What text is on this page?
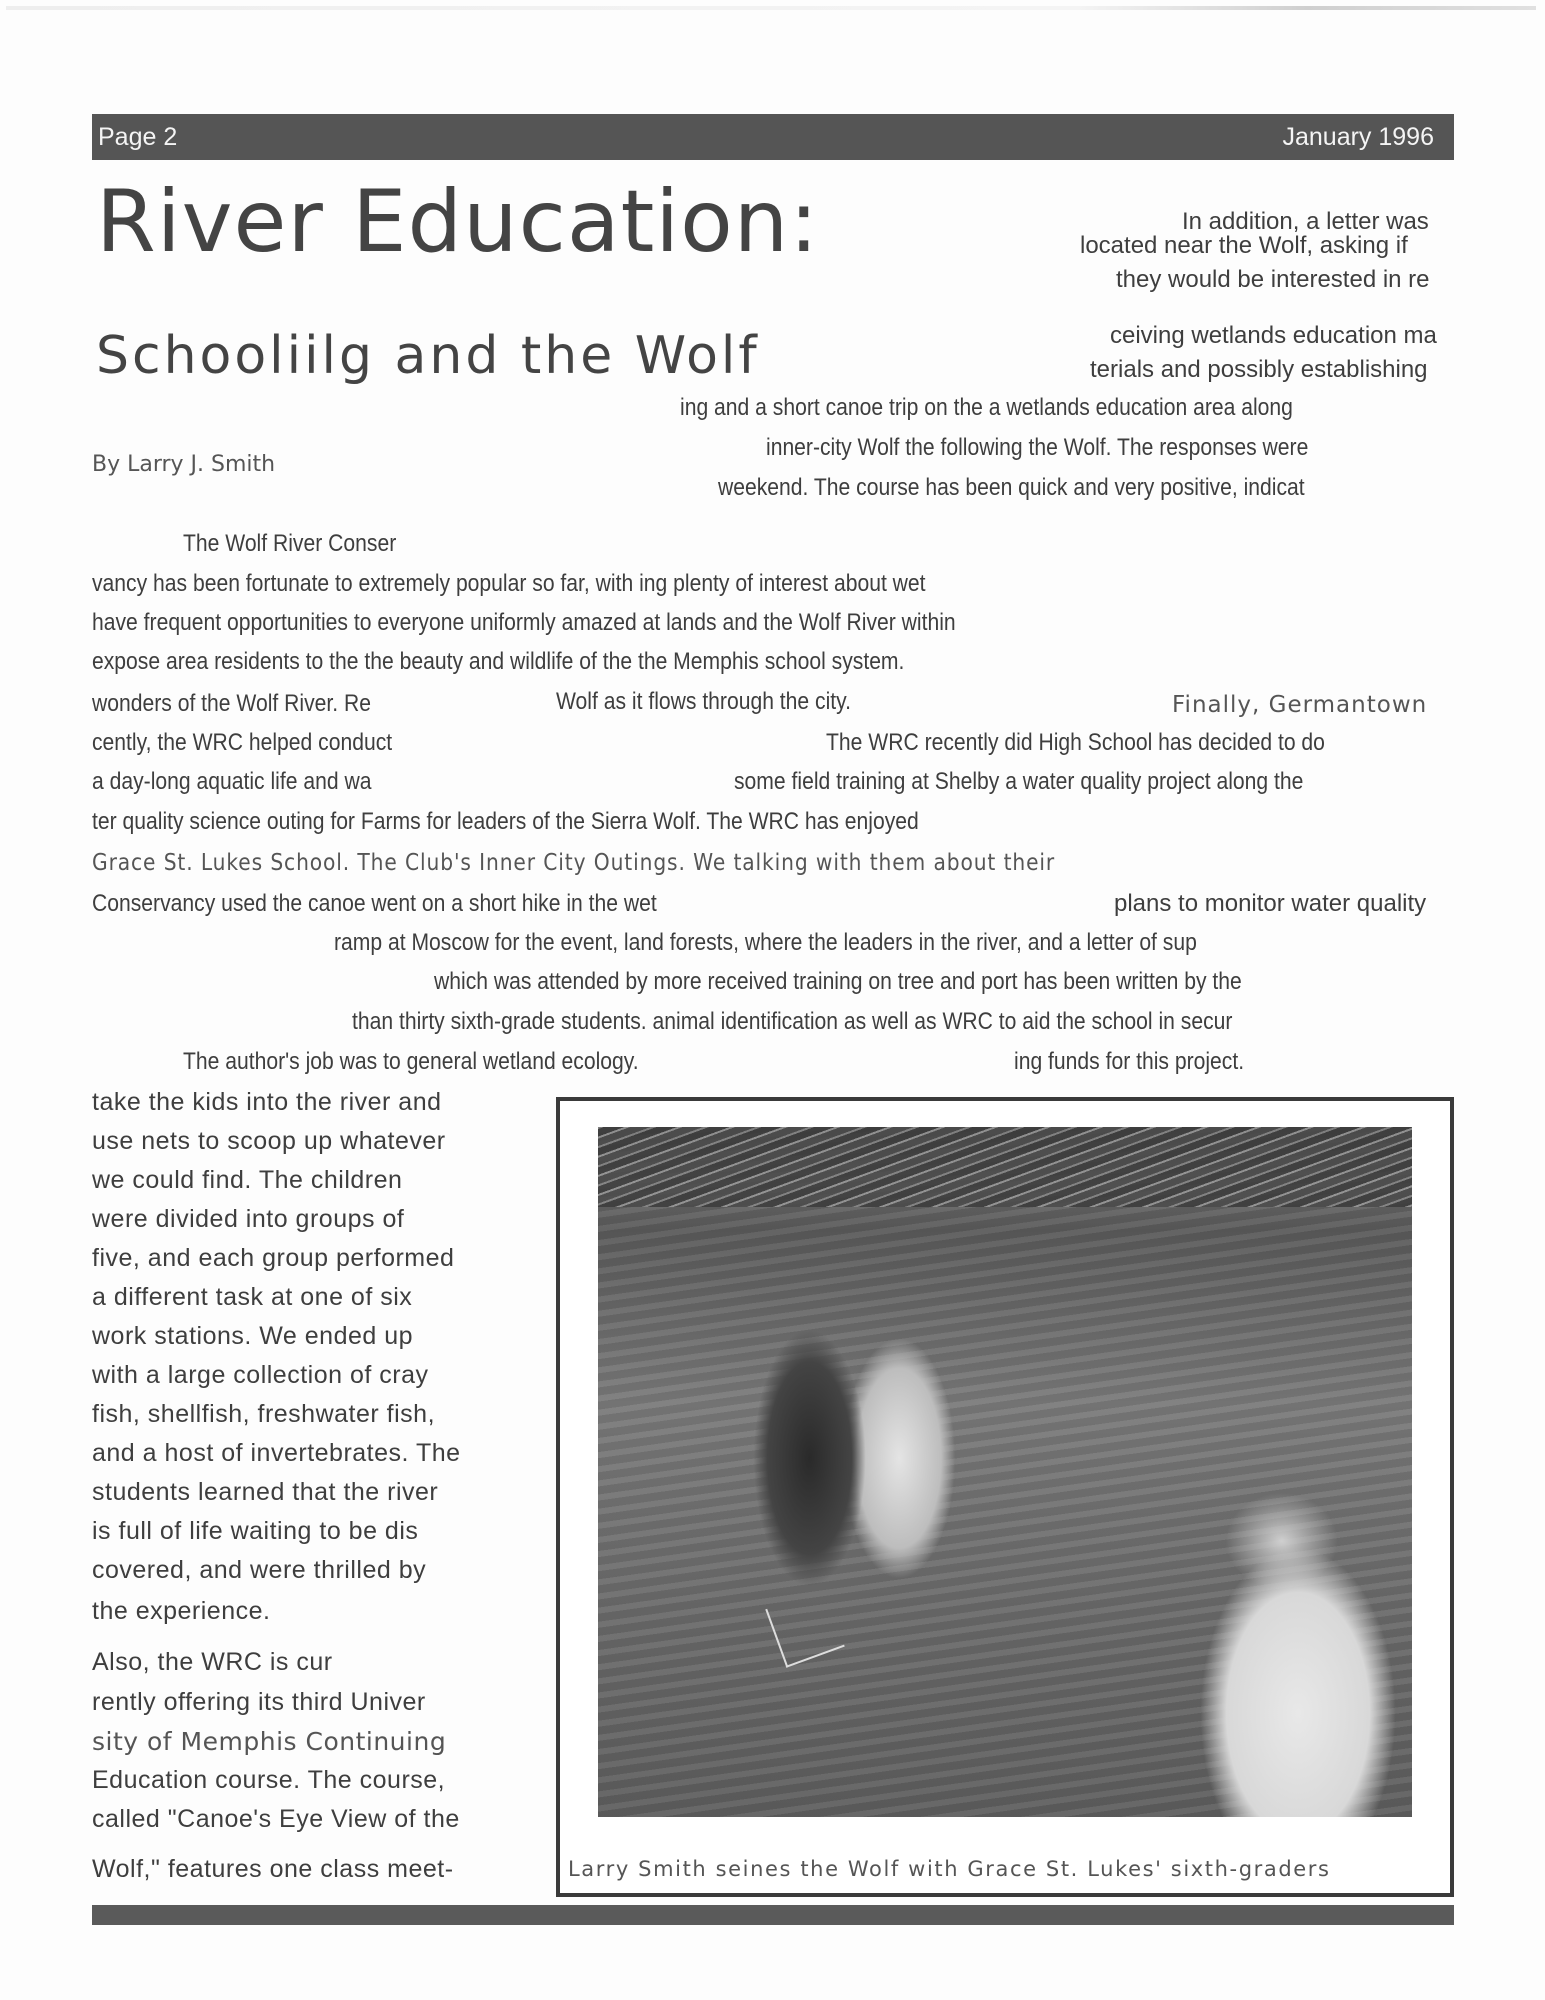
Page 2	January 1996
River Education:
Schooliilg and the Wolf
By Larry J. Smith
In addition, a letter was
located near the Wolf, asking if
they would be interested in re
ceiving wetlands education ma
terials and possibly establishing
ing and a short canoe trip on the a wetlands education area along
inner-city Wolf the following the Wolf. The responses were
weekend. The course has been quick and very positive, indicat
The Wolf River Conser
vancy has been fortunate to extremely popular so far, with ing plenty of interest about wet
have frequent opportunities to everyone uniformly amazed at lands and the Wolf River within
expose area residents to the the beauty and wildlife of the the Memphis school system.
wonders of the Wolf River. Re	Wolf as it flows through the city.	Finally, Germantown
cently, the WRC helped conduct	The WRC recently did High School has decided to do
a day-long aquatic life and wa	some field training at Shelby a water quality project along the
ter quality science outing for Farms for leaders of the Sierra Wolf. The WRC has enjoyed
Grace St. Lukes School. The Club's Inner City Outings. We talking with them about their
Conservancy used the canoe went on a short hike in the wet	plans to monitor water quality
ramp at Moscow for the event, land forests, where the leaders in the river, and a letter of sup
which was attended by more received training on tree and port has been written by the
than thirty sixth-grade students. animal identification as well as WRC to aid the school in secur
The author's job was to general wetland ecology.	ing funds for this project.
take the kids into the river and
use nets to scoop up whatever
we could find. The children
were divided into groups of
five, and each group performed
a different task at one of six
work stations. We ended up
with a large collection of cray
fish, shellfish, freshwater fish,
and a host of invertebrates. The
students learned that the river
is full of life waiting to be dis
covered, and were thrilled by
the experience.
Also, the WRC is cur
rently offering its third Univer
sity of Memphis Continuing
Education course. The course,
called "Canoe's Eye View of the
Wolf," features one class meet-	Larry Smith seines the Wolf with Grace St. Lukes' sixth-graders
